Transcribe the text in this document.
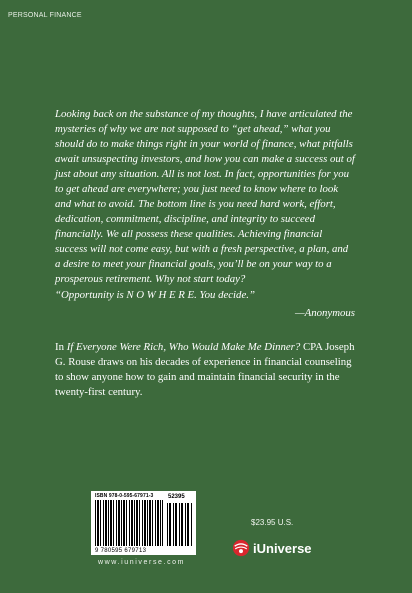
PERSONAL FINANCE

Looking back on the substance of my thoughts, I have articulated the mysteries of why we are not supposed to “get ahead,” what you should do to make things right in your world of finance, what pitfalls await unsuspecting investors, and how you can make a success out of just about any situation. All is not lost. In fact, opportunities for you to get ahead are everywhere; you just need to know where to look and what to avoid. The bottom line is you need hard work, effort, dedication, commitment, discipline, and integrity to succeed financially. We all possess these qualities. Achieving financial success will not come easy, but with a fresh perspective, a plan, and a desire to meet your financial goals, you’ll be on your way to a prosperous retirement. Why not start today?

“Opportunity is N O W H E R E. You decide.”
—Anonymous
In If Everyone Were Rich, Who Would Make Me Dinner? CPA Joseph G. Rouse draws on his decades of experience in financial counseling to show anyone how to gain and maintain financial security in the twenty-first century.
ISBN 978-0-595-67971-3 52395
9 780595 679713
www.iuniverse.com
$23.95 U.S.
iUniverse
